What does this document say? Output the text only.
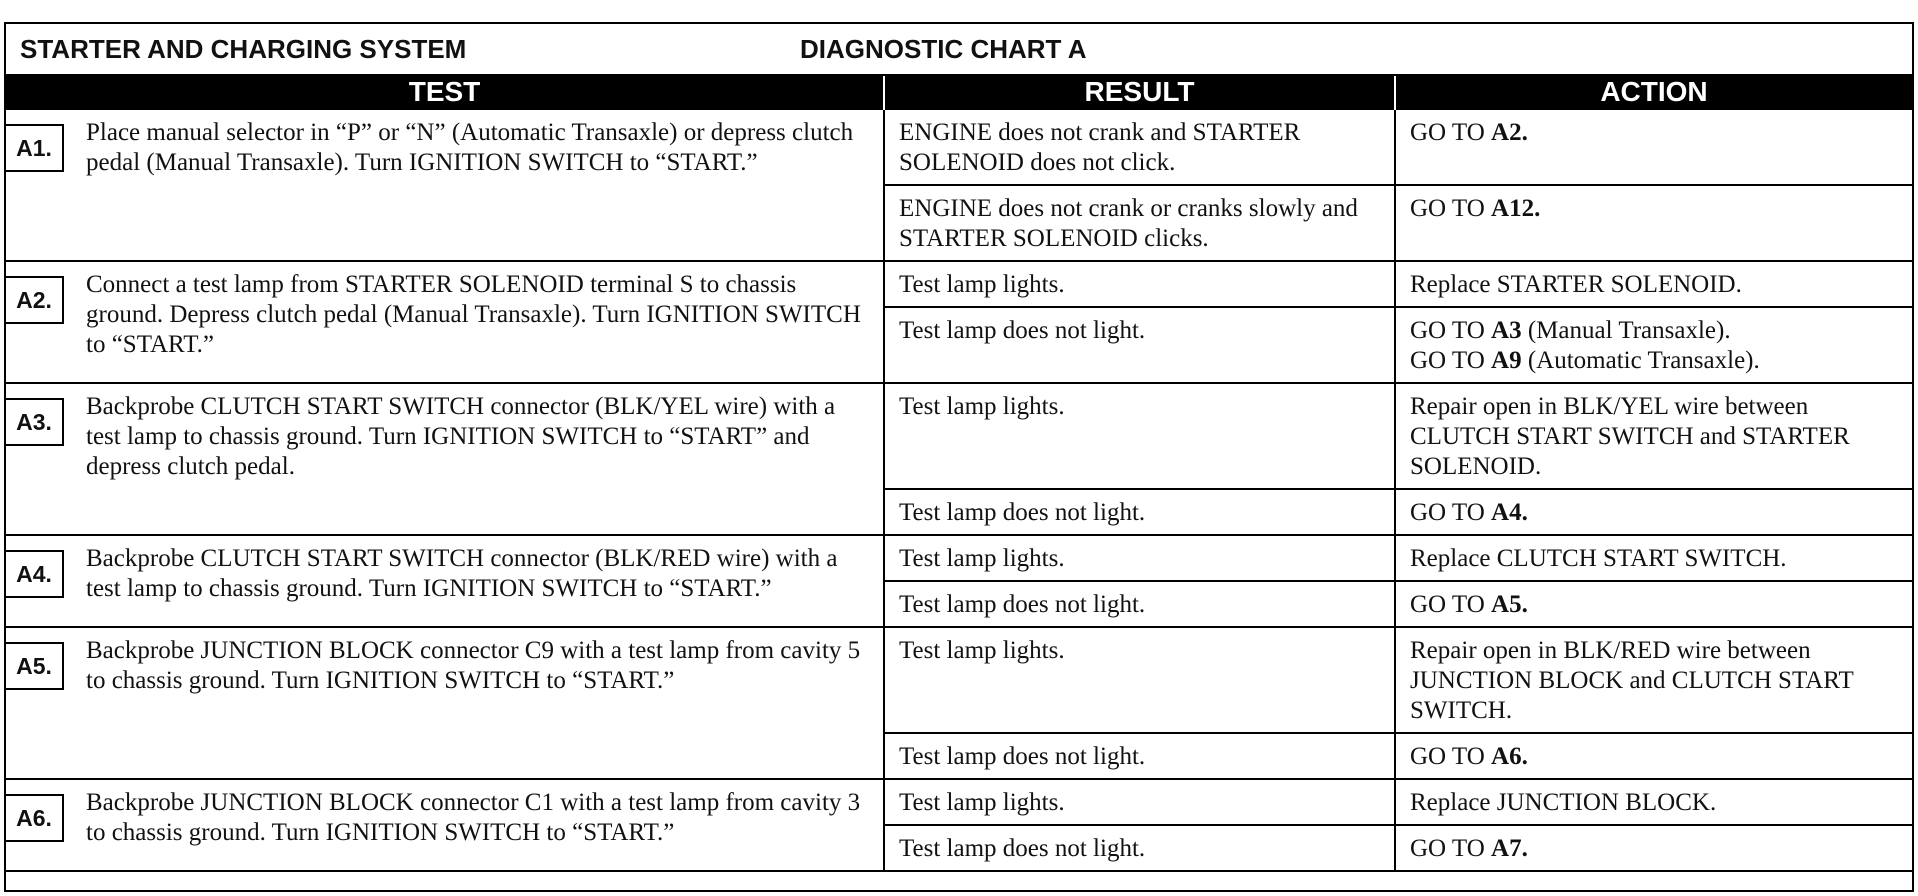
STARTER AND CHARGING SYSTEM	DIAGNOSTIC CHART A
TEST	RESULT	ACTION

A1.
Place manual selector in “P” or “N” (Automatic Transaxle) or depress clutch pedal (Manual Transaxle). Turn IGNITION SWITCH to “START.”	ENGINE does not crank and STARTER SOLENOID does not click.	GO TO A2.

	ENGINE does not crank or cranks slowly and STARTER SOLENOID clicks.	GO TO A12.

A2.
Connect a test lamp from STARTER SOLENOID terminal S to chassis ground. Depress clutch pedal (Manual Transaxle). Turn IGNITION SWITCH to “START.”	Test lamp lights.	Replace STARTER SOLENOID.
	Test lamp does not light.	GO TO A3 (Manual Transaxle).
GO TO A9 (Automatic Transaxle).

A3.
Backprobe CLUTCH START SWITCH connector (BLK/YEL wire) with a test lamp to chassis ground. Turn IGNITION SWITCH to “START” and depress clutch pedal.	Test lamp lights.	Repair open in BLK/YEL wire between CLUTCH START SWITCH and STARTER SOLENOID.
	Test lamp does not light.	GO TO A4.

A4.
Backprobe CLUTCH START SWITCH connector (BLK/RED wire) with a test lamp to chassis ground. Turn IGNITION SWITCH to “START.”	Test lamp lights.	Replace CLUTCH START SWITCH.
	Test lamp does not light.	GO TO A5.

A5.
Backprobe JUNCTION BLOCK connector C9 with a test lamp from cavity 5 to chassis ground. Turn IGNITION SWITCH to “START.”	Test lamp lights.	Repair open in BLK/RED wire between JUNCTION BLOCK and CLUTCH START SWITCH.
	Test lamp does not light.	GO TO A6.

A6.
Backprobe JUNCTION BLOCK connector C1 with a test lamp from cavity 3 to chassis ground. Turn IGNITION SWITCH to “START.”	Test lamp lights.	Replace JUNCTION BLOCK.
	Test lamp does not light.	GO TO A7.
